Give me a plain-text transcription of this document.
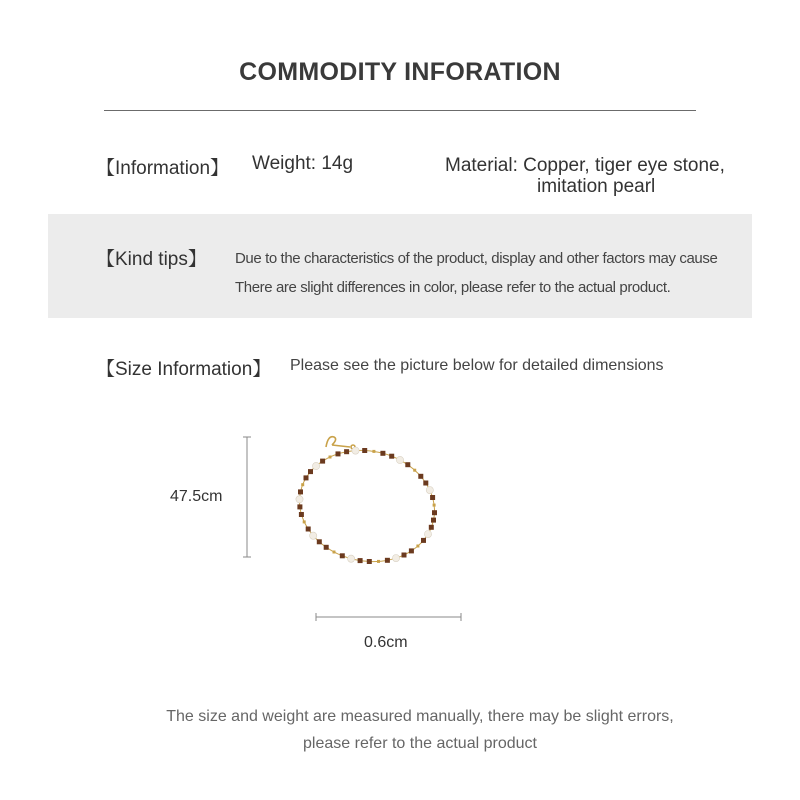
COMMODITY INFORATION
【Information】 Weight: 14g	Material: Copper, tiger eye stone,
imitation pearl
【Kind tips】 Due to the characteristics of the product, display and other factors may cause
There are slight differences in color, please refer to the actual product.
【Size Information】 Please see the picture below for detailed dimensions
47.5cm
0.6cm
The size and weight are measured manually, there may be slight errors,
please refer to the actual product
